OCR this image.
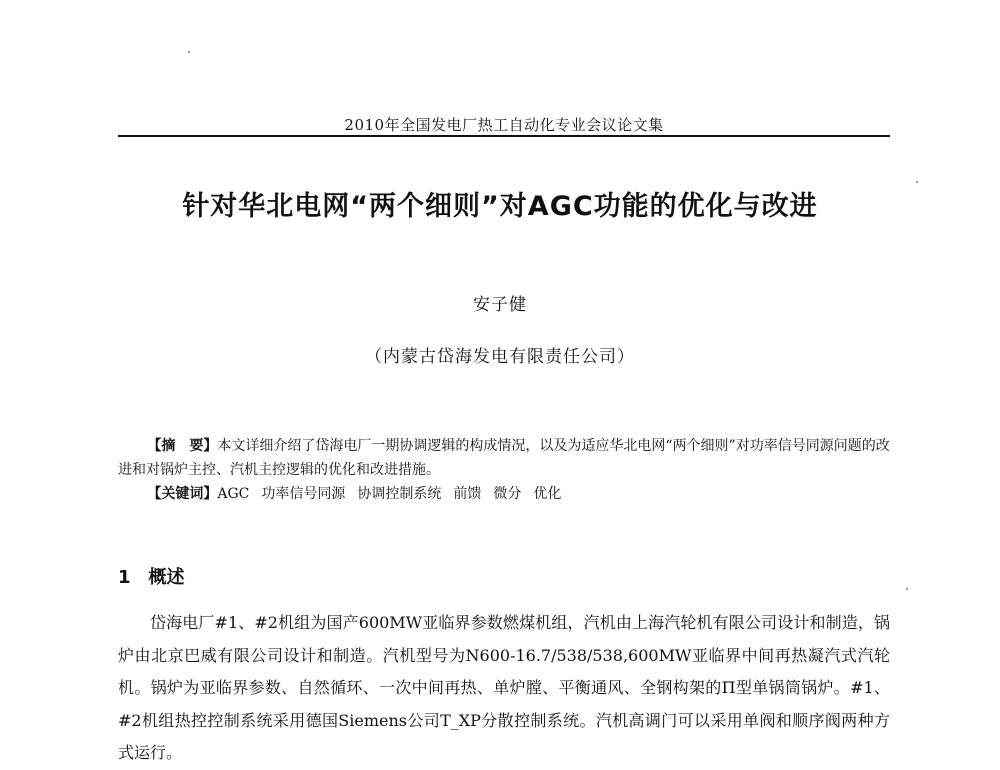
2010年全国发电厂热工自动化专业会议论文集
针对华北电网“两个细则”对AGC功能的优化与改进
安子健
（内蒙古岱海发电有限责任公司）

【摘　要】本文详细介绍了岱海电厂一期协调逻辑的构成情况，以及为适应华北电网“两个细则”对功率信号同源问题的改进和对锅炉主控、汽机主控逻辑的优化和改进措施。

【关键词】AGC 功率信号同源 协调控制系统 前馈 微分 优化

1 概述

岱海电厂#1、#2机组为国产600MW亚临界参数燃煤机组，汽机由上海汽轮机有限公司设计和制造，锅炉由北京巴威有限公司设计和制造。汽机型号为N600-16.7/538/538,600MW亚临界中间再热凝汽式汽轮机。锅炉为亚临界参数、自然循环、一次中间再热、单炉膛、平衡通风、全钢构架的Π型单锅筒锅炉。#1、#2机组热控控制系统采用德国Siemens公司T_XP分散控制系统。汽机高调门可以采用单阀和顺序阀两种方式运行。
